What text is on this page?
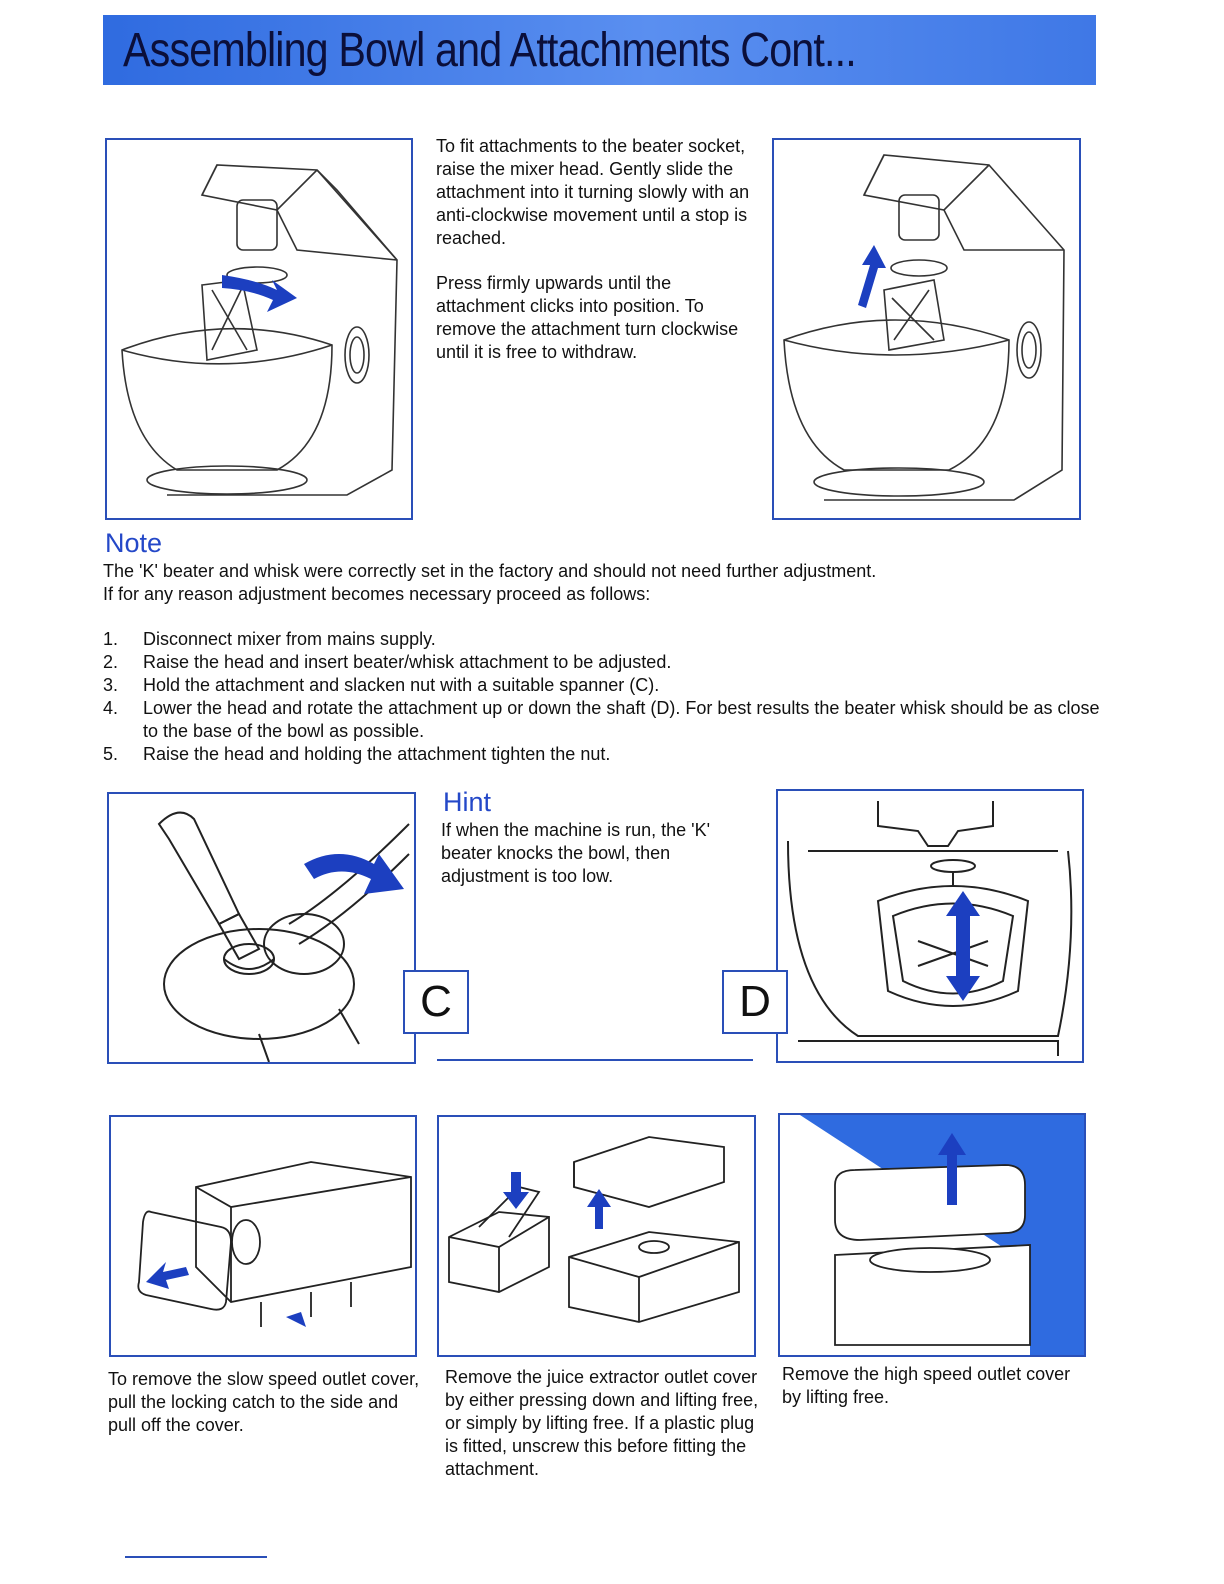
Assembling Bowl and Attachments Cont...

To fit attachments to the beater socket, raise the mixer head. Gently slide the attachment into it turning slowly with an anti-clockwise movement until a stop is reached.

Press firmly upwards until the attachment clicks into position. To remove the attachment turn clockwise until it is free to withdraw.

Note
The 'K' beater and whisk were correctly set in the factory and should not need further adjustment.
If for any reason adjustment becomes necessary proceed as follows:
1. Disconnect mixer from mains supply.
2. Raise the head and insert beater/whisk attachment to be adjusted.
3. Hold the attachment and slacken nut with a suitable spanner (C).
4. Lower the head and rotate the attachment up or down the shaft (D). For best results the beater whisk should be as close to the base of the bowl as possible.
5. Raise the head and holding the attachment tighten the nut.
C
Hint
If when the machine is run, the 'K' beater knocks the bowl, then adjustment is too low.
D
To remove the slow speed outlet cover, pull the locking catch to the side and pull off the cover.
Remove the juice extractor outlet cover by either pressing down and lifting free, or simply by lifting free. If a plastic plug is fitted, unscrew this before fitting the attachment.
Remove the high speed outlet cover by lifting free.
